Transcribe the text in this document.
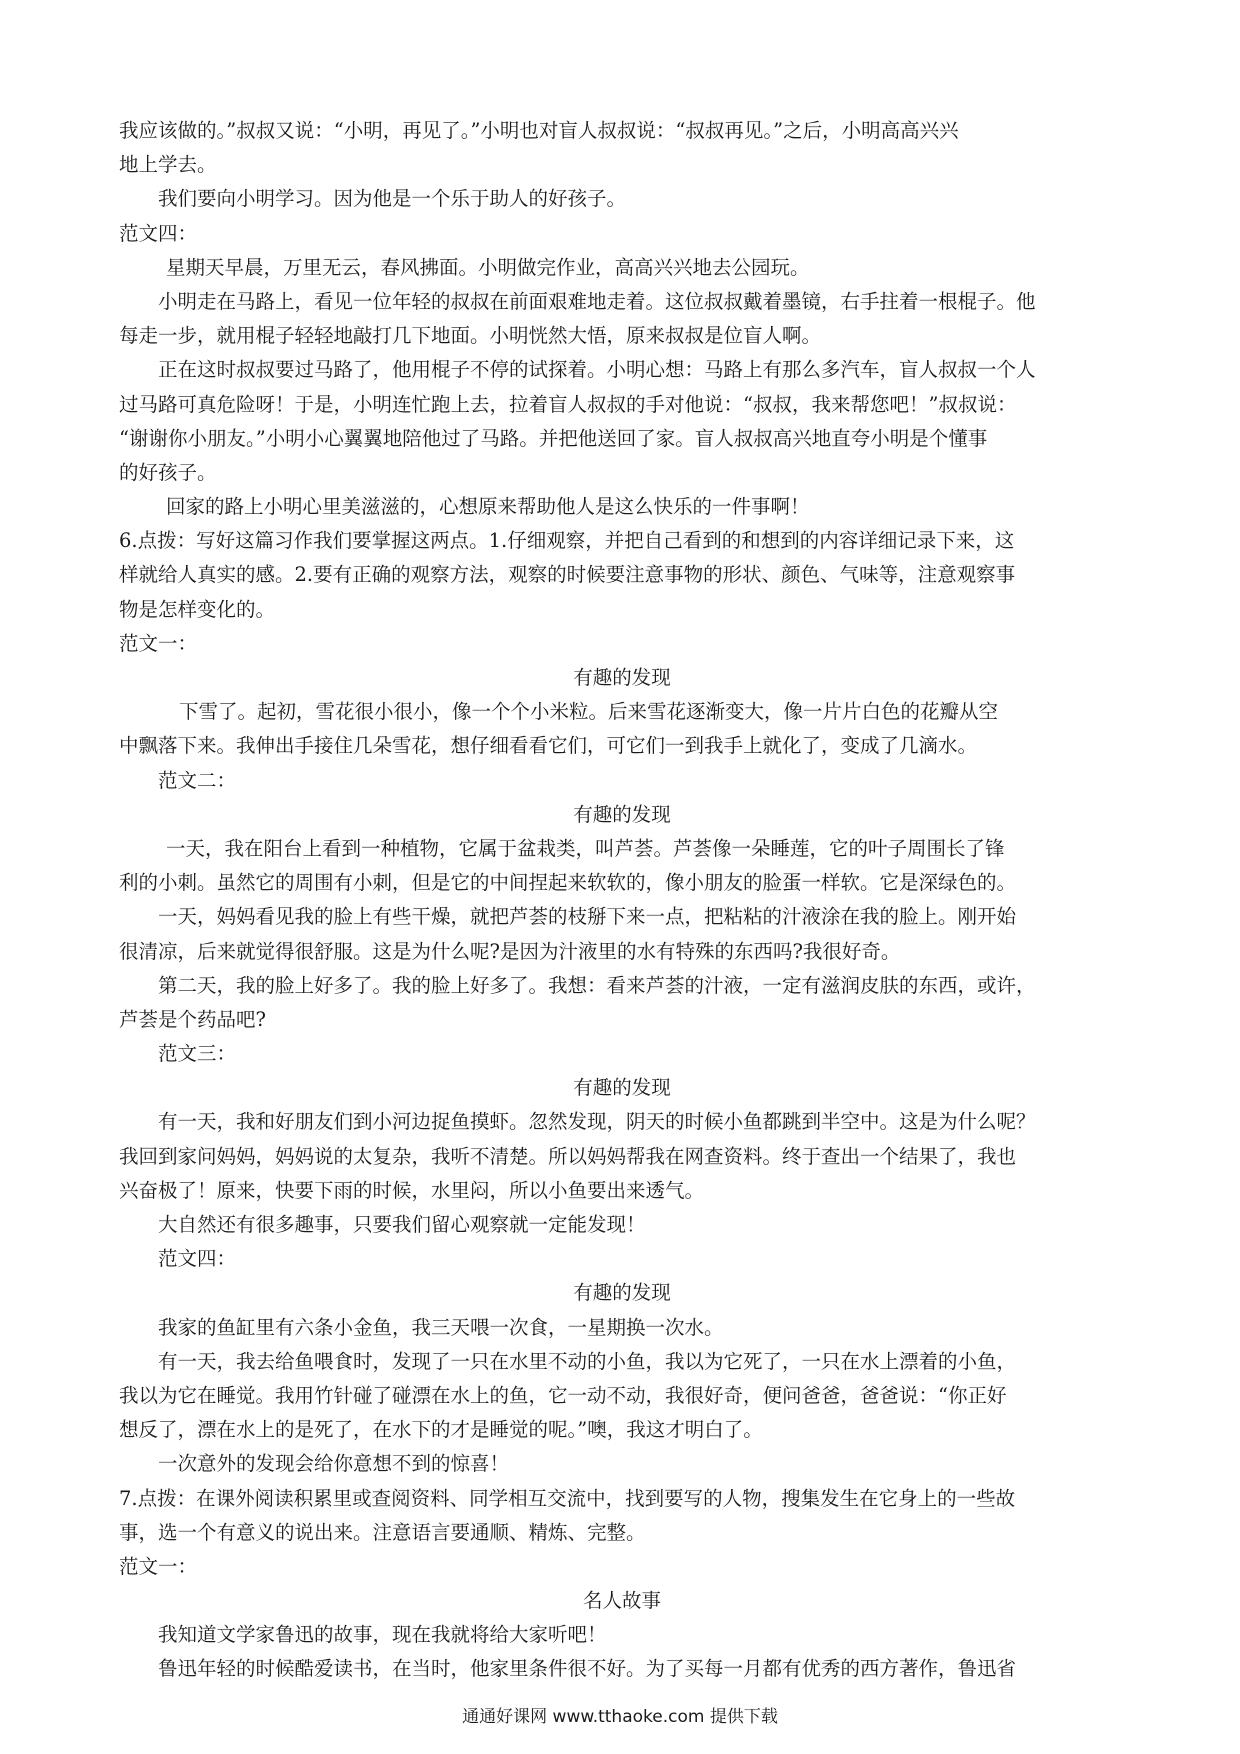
我应该做的。”叔叔又说：“小明，再见了。”小明也对盲人叔叔说：“叔叔再见。”之后，小明高高兴兴
地上学去。
我们要向小明学习。因为他是一个乐于助人的好孩子。
范文四：
星期天早晨，万里无云，春风拂面。小明做完作业，高高兴兴地去公园玩。
小明走在马路上，看见一位年轻的叔叔在前面艰难地走着。这位叔叔戴着墨镜，右手拄着一根棍子。他
每走一步，就用棍子轻轻地敲打几下地面。小明恍然大悟，原来叔叔是位盲人啊。
正在这时叔叔要过马路了，他用棍子不停的试探着。小明心想：马路上有那么多汽车，盲人叔叔一个人
过马路可真危险呀！于是，小明连忙跑上去，拉着盲人叔叔的手对他说：“叔叔，我来帮您吧！”叔叔说：
“谢谢你小朋友。”小明小心翼翼地陪他过了马路。并把他送回了家。盲人叔叔高兴地直夸小明是个懂事
的好孩子。
回家的路上小明心里美滋滋的，心想原来帮助他人是这么快乐的一件事啊！
6.点拨：写好这篇习作我们要掌握这两点。1.仔细观察，并把自己看到的和想到的内容详细记录下来，这
样就给人真实的感。2.要有正确的观察方法，观察的时候要注意事物的形状、颜色、气味等，注意观察事
物是怎样变化的。
范文一：
有趣的发现
下雪了。起初，雪花很小很小，像一个个小米粒。后来雪花逐渐变大，像一片片白色的花瓣从空
中飘落下来。我伸出手接住几朵雪花，想仔细看看它们，可它们一到我手上就化了，变成了几滴水。
范文二：
有趣的发现
一天，我在阳台上看到一种植物，它属于盆栽类，叫芦荟。芦荟像一朵睡莲，它的叶子周围长了锋
利的小刺。虽然它的周围有小刺，但是它的中间捏起来软软的，像小朋友的脸蛋一样软。它是深绿色的。
一天，妈妈看见我的脸上有些干燥，就把芦荟的枝掰下来一点，把粘粘的汁液涂在我的脸上。刚开始
很清凉，后来就觉得很舒服。这是为什么呢?是因为汁液里的水有特殊的东西吗?我很好奇。
第二天，我的脸上好多了。我的脸上好多了。我想：看来芦荟的汁液，一定有滋润皮肤的东西，或许，
芦荟是个药品吧?
范文三：
有趣的发现
有一天，我和好朋友们到小河边捉鱼摸虾。忽然发现，阴天的时候小鱼都跳到半空中。这是为什么呢？
我回到家问妈妈，妈妈说的太复杂，我听不清楚。所以妈妈帮我在网查资料。终于查出一个结果了，我也
兴奋极了！原来，快要下雨的时候，水里闷，所以小鱼要出来透气。
大自然还有很多趣事，只要我们留心观察就一定能发现！
范文四：
有趣的发现
我家的鱼缸里有六条小金鱼，我三天喂一次食，一星期换一次水。
有一天，我去给鱼喂食时，发现了一只在水里不动的小鱼，我以为它死了，一只在水上漂着的小鱼，
我以为它在睡觉。我用竹针碰了碰漂在水上的鱼，它一动不动，我很好奇，便问爸爸，爸爸说：“你正好
想反了，漂在水上的是死了，在水下的才是睡觉的呢。”噢，我这才明白了。
一次意外的发现会给你意想不到的惊喜！
7.点拨：在课外阅读积累里或查阅资料、同学相互交流中，找到要写的人物，搜集发生在它身上的一些故
事，选一个有意义的说出来。注意语言要通顺、精炼、完整。
范文一：
名人故事
我知道文学家鲁迅的故事，现在我就将给大家听吧！
鲁迅年轻的时候酷爱读书，在当时，他家里条件很不好。为了买每一月都有优秀的西方著作，鲁迅省
通通好课网 www.tthaoke.com 提供下载
